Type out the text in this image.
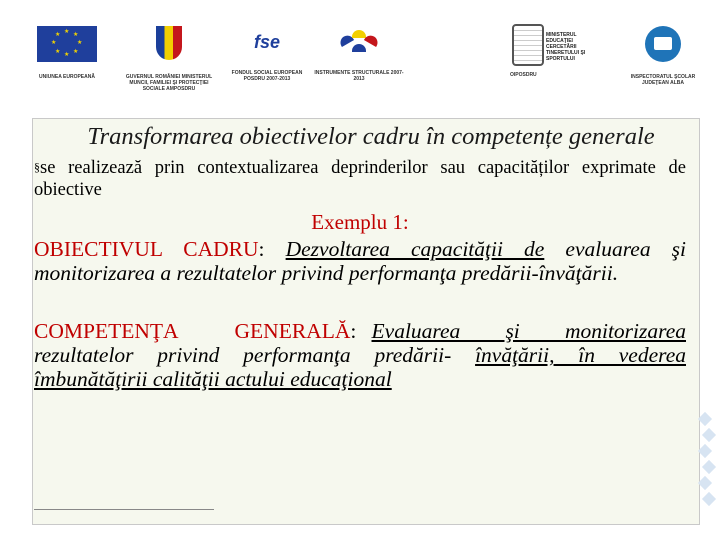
★ ★
★
★
★
★
★
★
UNIUNEA EUROPEANĂ	GUVERNUL ROMÂNIEI MINISTERUL MUNCII, FAMILIEI ŞI PROTECŢIEI SOCIALE AMPOSDRU
fse
FONDUL SOCIAL EUROPEAN POSDRU 2007-2013
INSTRUMENTE STRUCTURALE 2007-2013
MINISTERUL EDUCAŢIEI CERCETĂRII TINERETULUI ŞI SPORTULUI
OIPOSDRU	INSPECTORATUL ŞCOLAR JUDEŢEAN ALBA
Transformarea obiectivelor cadru în competențe generale
§se realizează prin contextualizarea deprinderilor sau capacităților exprimate de obiective
Exemplu 1:
OBIECTIVUL CADRU: Dezvoltarea capacităţii de evaluarea şi monitorizarea a rezultatelor privind performanţa predării-învăţării.
COMPETENŢA GENERALĂ: Evaluarea şi monitorizarea rezultatelor privind performanţa predării- învăţării, în vederea îmbunătăţirii calităţii actului educaţional
